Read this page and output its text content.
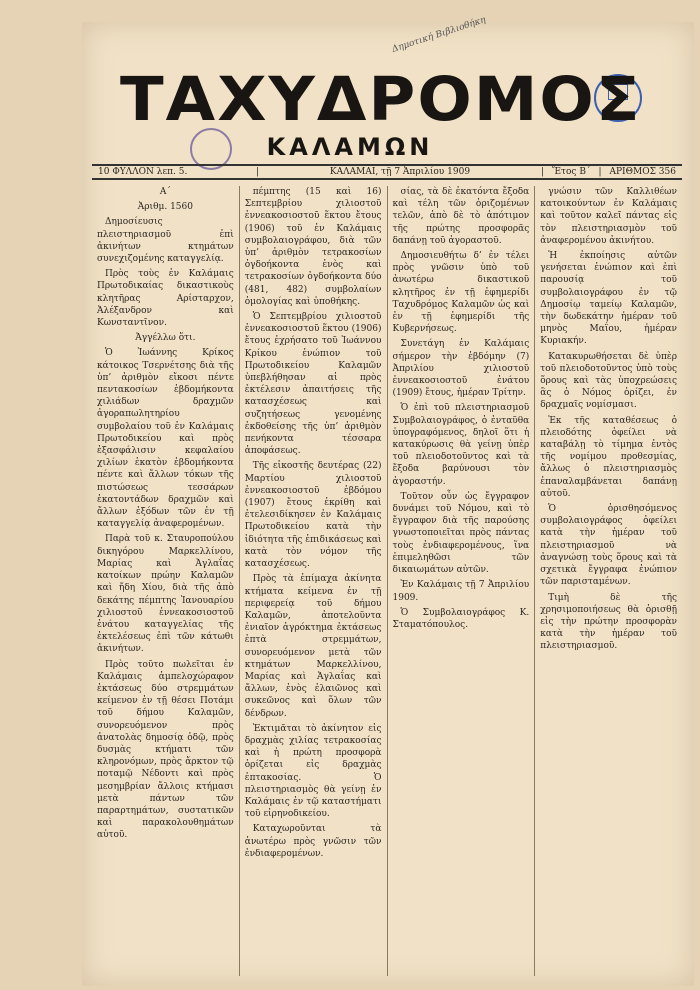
Δημοτική Βιβλιοθήκη
ΤΑΧΥΔΡΟΜΟΣ
ΚΑΛΑΜΩΝ
10 ΦΥΛΛΟΝ λεπ. 5.	|	ΚΑΛΑΜΑΙ, τῇ 7 Ἀπριλίου 1909	| Ἔτος Β΄ | ΑΡΙΘΜΟΣ 356

Α΄

Ἀριθμ. 1560

Δημοσίευσις πλειστηριασμοῦ ἐπὶ ἀκινήτων κτημάτων συνεχιζομένης καταγγελίᾳ.

Πρὸς τοὺς ἐν Καλάμαις Πρωτοδικαίας δικαστικοὺς κλητῆρας Αρίσταρχον, Ἀλέξανδρον καὶ Κωνσταντῖνον.

Ἀγγέλλω ὅτι.

Ὁ Ἰωάννης Κρίκος κάτοικος Τσερνέτσης διὰ τῆς ὑπ’ ἀριθμὸν εἴκοσι πέντε πεντακοσίων ἑβδομήκοντα χιλιάδων δραχμῶν ἀγοραπωλητηρίου συμβολαίου τοῦ ἐν Καλάμαις Πρωτοδικείου καὶ πρὸς ἐξασφάλισιν κεφαλαίου χιλίων ἑκατὸν ἑβδομήκοντα πέντε καὶ ἄλλων τόκων τῆς πιστώσεως τεσσάρων ἑκατοντάδων δραχμῶν καὶ ἄλλων ἐξόδων τῶν ἐν τῇ καταγγελίᾳ ἀναφερομένων.

Παρὰ τοῦ κ. Σταυροπούλου δικηγόρου Μαρκελλίνου, Μαρίας καὶ Ἀγλαΐας κατοίκων πρώην Καλαμῶν καὶ ἤδη Χίου, διὰ τῆς ἀπὸ δεκάτης πέμπτης Ἰανουαρίου χιλιοστοῦ ἐννεακοσιοστοῦ ἐνάτου καταγγελίας τῆς ἐκτελέσεως ἐπὶ τῶν κάτωθι ἀκινήτων.

Πρὸς τοῦτο πωλεῖται ἐν Καλάμαις ἀμπελοχώραφον ἐκτάσεως δύο στρεμμάτων κείμενον ἐν τῇ θέσει Ποτάμι τοῦ δήμου Καλαμῶν, συνορευόμενον πρὸς ἀνατολὰς δημοσίᾳ ὁδῷ, πρὸς δυσμὰς κτήματι τῶν κληρονόμων, πρὸς ἄρκτον τῷ ποταμῷ Νέδοντι καὶ πρὸς μεσημβρίαν ἄλλοις κτήμασι μετὰ πάντων τῶν παραρτημάτων, συστατικῶν καὶ παρακολουθημάτων αὐτοῦ.

πέμπτης (15 καὶ 16) Σεπτεμβρίου χιλιοστοῦ ἐννεακοσιοστοῦ ἕκτου ἔτους (1906) τοῦ ἐν Καλάμαις συμβολαιογράφου, διὰ τῶν ὑπ’ ἀριθμὸν τετρακοσίων ὀγδοήκοντα ἑνὸς καὶ τετρακοσίων ὀγδοήκοντα δύο (481, 482) συμβολαίων ὁμολογίας καὶ ὑποθήκης.

Ὁ Σεπτεμβρίου χιλιοστοῦ ἐννεακοσιοστοῦ ἕκτου (1906) ἔτους ἐχρήσατο τοῦ Ἰωάννου Κρίκου ἐνώπιον τοῦ Πρωτοδικείου Καλαμῶν ὑπεβλήθησαν αἱ πρὸς ἐκτέλεσιν ἀπαιτήσεις τῆς κατασχέσεως καὶ συζητήσεως γενομένης ἐκδοθείσης τῆς ὑπ’ ἀριθμὸν πενήκοντα τέσσαρα ἀποφάσεως.

Τῆς εἰκοστῆς δευτέρας (22) Μαρτίου χιλιοστοῦ ἐννεακοσιοστοῦ ἑβδόμου (1907) ἔτους ἐκρίθη καὶ ἐτελεσιδίκησεν ἐν Καλάμαις Πρωτοδικείου κατὰ τὴν ἰδιότητα τῆς ἐπιδικάσεως καὶ κατὰ τὸν νόμον τῆς κατασχέσεως.

Πρὸς τὰ ἐπίμαχα ἀκίνητα κτήματα κείμενα ἐν τῇ περιφερείᾳ τοῦ δήμου Καλαμῶν, ἀποτελοῦντα ἐνιαῖον ἀγρόκτημα ἐκτάσεως ἑπτὰ στρεμμάτων, συνορευόμενον μετὰ τῶν κτημάτων Μαρκελλίνου, Μαρίας καὶ Ἀγλαΐας καὶ ἄλλων, ἑνὸς ἐλαιῶνος καὶ συκεῶνος καὶ ὅλων τῶν δένδρων.

Ἐκτιμᾶται τὸ ἀκίνητον εἰς δραχμὰς χιλίας τετρακοσίας καὶ ἡ πρώτη προσφορὰ ὁρίζεται εἰς δραχμὰς ἑπτακοσίας. Ὁ πλειστηριασμὸς θὰ γείνῃ ἐν Καλάμαις ἐν τῷ καταστήματι τοῦ εἰρηνοδικείου.

Καταχωροῦνται τὰ ἀνωτέρω πρὸς γνῶσιν τῶν ἐνδιαφερομένων.

σίας, τὰ δὲ ἐκατόντα ἔξοδα καὶ τέλη τῶν ὁριζομένων τελῶν, ἀπὸ δὲ τὸ ἀπότιμον τῆς πρώτης προσφορᾶς δαπάνῃ τοῦ ἀγοραστοῦ.

Δημοσιευθήτω δ’ ἐν τέλει πρὸς γνῶσιν ὑπὸ τοῦ ἀνωτέρω δικαστικοῦ κλητῆρος ἐν τῇ ἐφημερίδι Ταχυδρόμος Καλαμῶν ὡς καὶ ἐν τῇ ἐφημερίδι τῆς Κυβερνήσεως.

Συνετάγη ἐν Καλάμαις σήμερον τὴν ἑβδόμην (7) Ἀπριλίου χιλιοστοῦ ἐννεακοσιοστοῦ ἐνάτου (1909) ἔτους, ἡμέραν Τρίτην.

Ὁ ἐπὶ τοῦ πλειστηριασμοῦ Συμβολαιογράφος, ὁ ἐνταῦθα ὑπογραφόμενος, δηλοῖ ὅτι ἡ κατακύρωσις θὰ γείνῃ ὑπὲρ τοῦ πλειοδοτοῦντος καὶ τὰ ἔξοδα βαρύνουσι τὸν ἀγοραστήν.

Τοῦτον οὖν ὡς ἔγγραφον δυνάμει τοῦ Νόμου, καὶ τὸ ἔγγραφον διὰ τῆς παρούσης γνωστοποιεῖται πρὸς πάντας τοὺς ἐνδιαφερομένους, ἵνα ἐπιμεληθῶσι τῶν δικαιωμάτων αὐτῶν.

Ἐν Καλάμαις τῇ 7 Ἀπριλίου 1909.

Ὁ Συμβολαιογράφος Κ. Σταματόπουλος.

γνώσιν τῶν Καλλιθέων κατοικούντων ἐν Καλάμαις καὶ τοῦτον καλεῖ πάντας εἰς τὸν πλειστηριασμὸν τοῦ ἀναφερομένου ἀκινήτου.

Ἡ ἐκποίησις αὐτῶν γενήσεται ἐνώπιον καὶ ἐπὶ παρουσίᾳ τοῦ συμβολαιογράφου ἐν τῷ Δημοσίῳ ταμείῳ Καλαμῶν, τὴν δωδεκάτην ἡμέραν τοῦ μηνὸς Μαΐου, ἡμέραν Κυριακήν.

Κατακυρωθήσεται δὲ ὑπὲρ τοῦ πλειοδοτοῦντος ὑπὸ τοὺς ὅρους καὶ τὰς ὑποχρεώσεις ἃς ὁ Νόμος ὁρίζει, ἐν δραχμαῖς νομίσμασι.

Ἐκ τῆς καταθέσεως ὁ πλειοδότης ὀφείλει νὰ καταβάλῃ τὸ τίμημα ἐντὸς τῆς νομίμου προθεσμίας, ἄλλως ὁ πλειστηριασμὸς ἐπαναλαμβάνεται δαπάνῃ αὐτοῦ.

Ὁ ὁρισθησόμενος συμβολαιογράφος ὀφείλει κατὰ τὴν ἡμέραν τοῦ πλειστηριασμοῦ νὰ ἀναγνώσῃ τοὺς ὅρους καὶ τὰ σχετικὰ ἔγγραφα ἐνώπιον τῶν παρισταμένων.

Τιμὴ δὲ τῆς χρησιμοποιήσεως θὰ ὁρισθῇ εἰς τὴν πρώτην προσφορὰν κατὰ τὴν ἡμέραν τοῦ πλειστηριασμοῦ.
